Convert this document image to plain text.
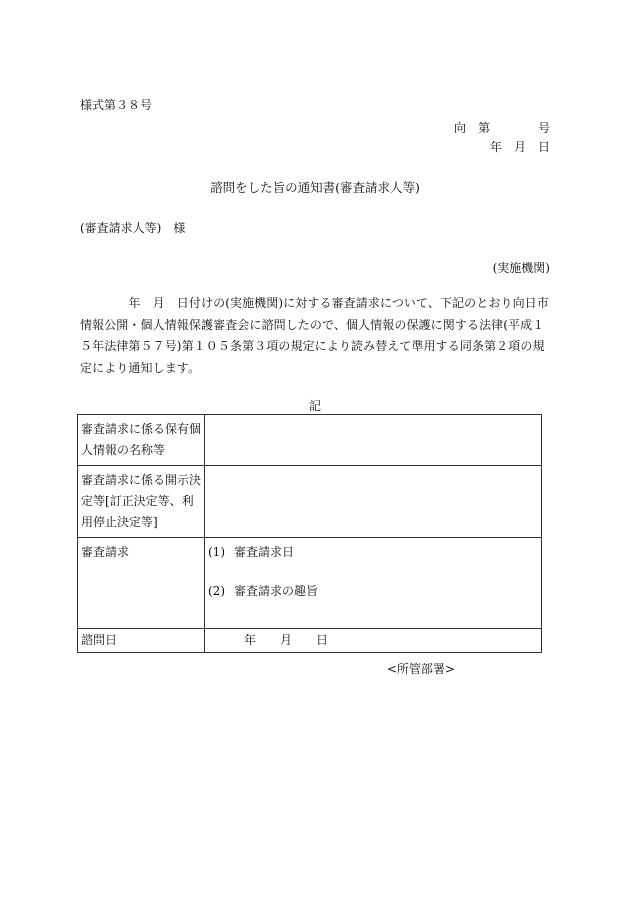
様式第３８号
向　第　　　　号
年　月　日
諮問をした旨の通知書(審査請求人等)
(審査請求人等)　様
(実施機関)
　　　　年　月　日付けの(実施機関)に対する審査請求について、下記のとおり向日市情報公開・個人情報保護審査会に諮問したので、個人情報の保護に関する法律(平成１５年法律第５７号)第１０５条第３項の規定により読み替えて準用する同条第２項の規定により通知します。
記
審査請求に係る保有個人情報の名称等	
審査請求に係る開示決定等[訂正決定等、利用停止決定等]	
審査請求	(1) 審査請求日
(2) 審査請求の趣旨

諮問日	　　　年　　月　　日
<所管部署>
